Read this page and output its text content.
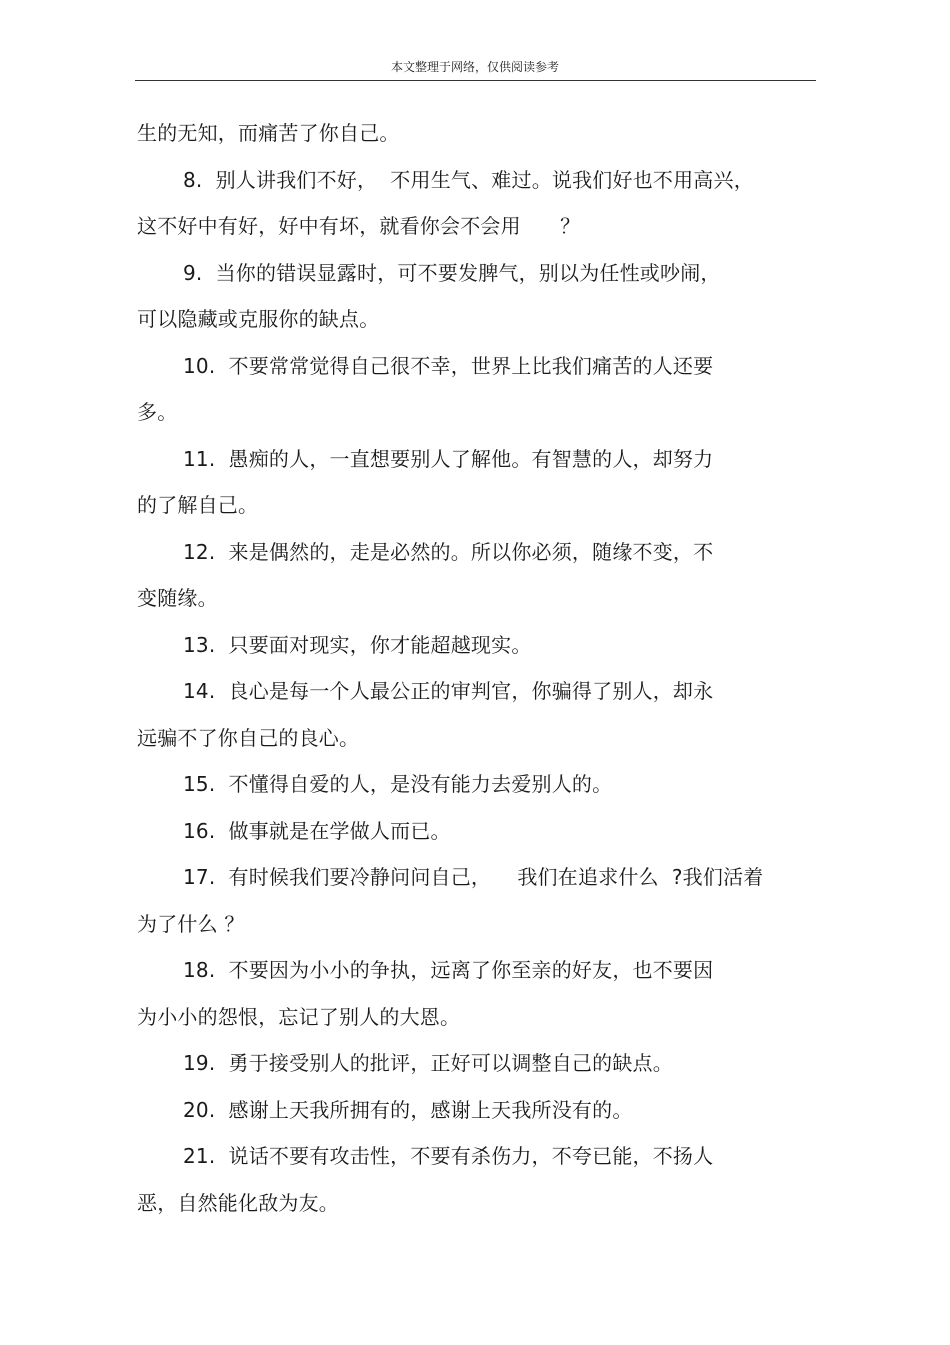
本文整理于网络，仅供阅读参考
生的无知，而痛苦了你自己。
8.  别人讲我们不好，  不用生气、难过。说我们好也不用高兴，
这不好中有好，好中有坏，就看你会不会用      ？
9.  当你的错误显露时，可不要发脾气，别以为任性或吵闹，
可以隐藏或克服你的缺点。
10.  不要常常觉得自己很不幸，世界上比我们痛苦的人还要
多。
11.  愚痴的人，一直想要别人了解他。有智慧的人，却努力
的了解自己。
12.  来是偶然的，走是必然的。所以你必须，随缘不变，不
变随缘。
13.  只要面对现实，你才能超越现实。
14.  良心是每一个人最公正的审判官，你骗得了别人，却永
远骗不了你自己的良心。
15.  不懂得自爱的人，是没有能力去爱别人的。
16.  做事就是在学做人而已。
17.  有时候我们要冷静问问自己，    我们在追求什么  ?我们活着
为了什么 ？
18.  不要因为小小的争执，远离了你至亲的好友，也不要因
为小小的怨恨，忘记了别人的大恩。
19.  勇于接受别人的批评，正好可以调整自己的缺点。
20.  感谢上天我所拥有的，感谢上天我所没有的。
21.  说话不要有攻击性，不要有杀伤力，不夸已能，不扬人
恶，自然能化敌为友。
